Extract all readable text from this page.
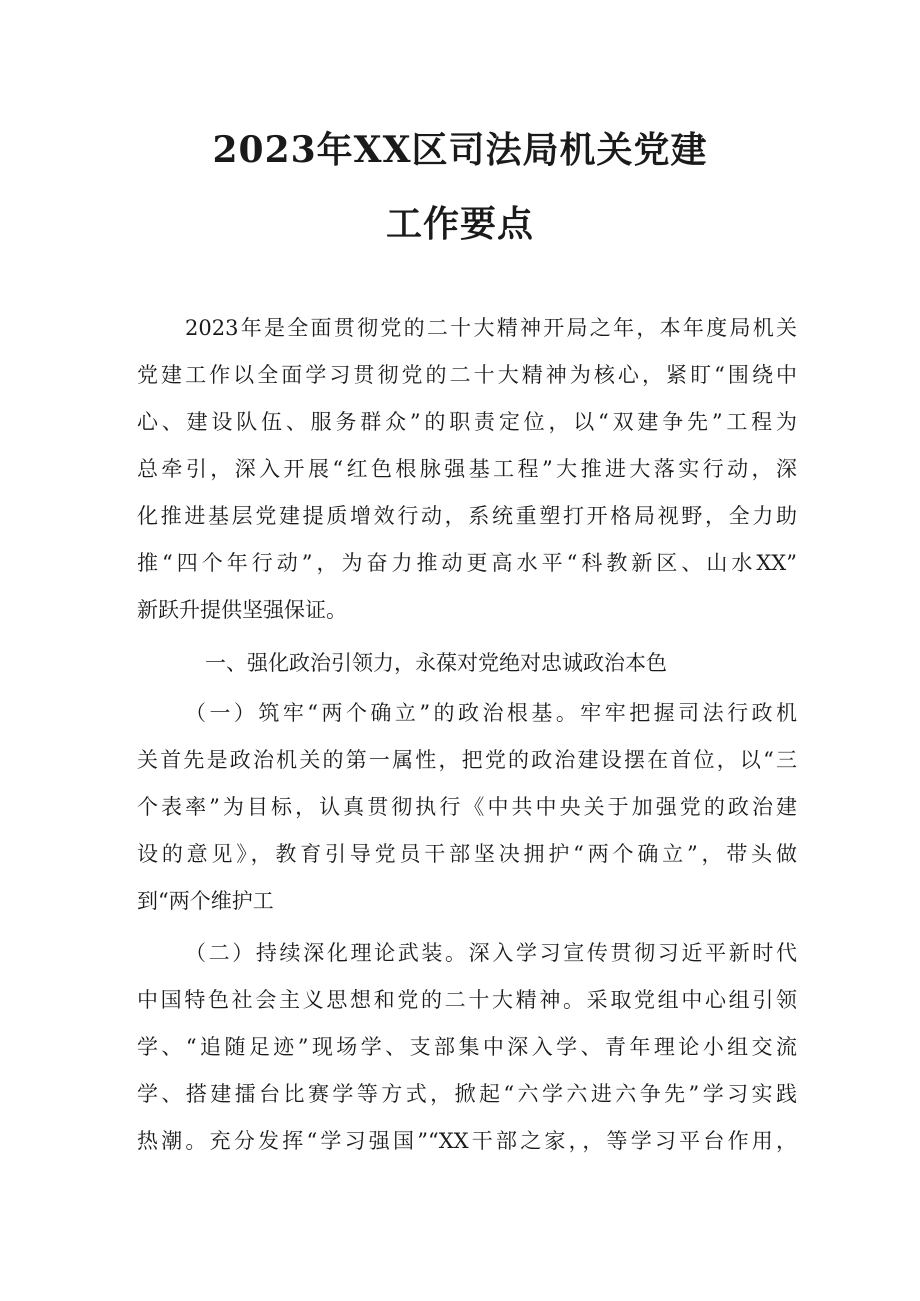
2023年XX区司法局机关党建
工作要点

2023年是全面贯彻党的二十大精神开局之年，本年度局机关

党建工作以全面学习贯彻党的二十大精神为核心，紧盯“围绕中

心、建设队伍、服务群众”的职责定位，以“双建争先”工程为

总牵引，深入开展“红色根脉强基工程”大推进大落实行动，深

化推进基层党建提质增效行动，系统重塑打开格局视野，全力助

推“四个年行动”，为奋力推动更高水平“科教新区、山水XX”

新跃升提供坚强保证。

一、强化政治引领力，永葆对党绝对忠诚政治本色

（一）筑牢“两个确立”的政治根基。牢牢把握司法行政机

关首先是政治机关的第一属性，把党的政治建设摆在首位，以“三

个表率”为目标，认真贯彻执行《中共中央关于加强党的政治建

设的意见》，教育引导党员干部坚决拥护“两个确立”，带头做

到“两个维护工

（二）持续深化理论武装。深入学习宣传贯彻习近平新时代

中国特色社会主义思想和党的二十大精神。采取党组中心组引领

学、“追随足迹”现场学、支部集中深入学、青年理论小组交流

学、搭建擂台比赛学等方式，掀起“六学六进六争先”学习实践

热潮。充分发挥“学习强国”“XX干部之家，，等学习平台作用，
